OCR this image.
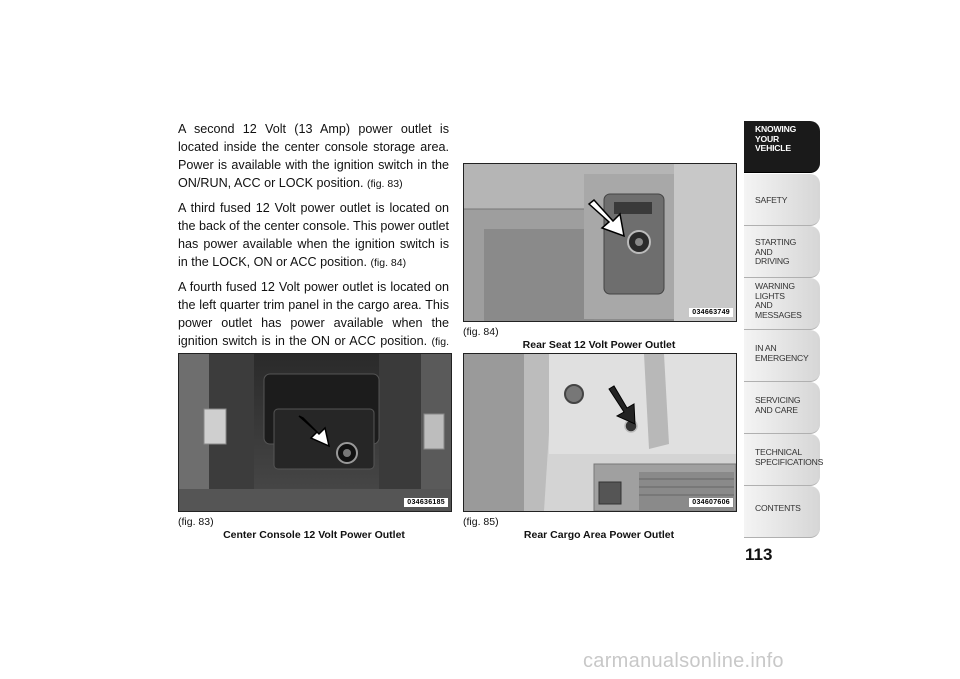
A second 12 Volt (13 Amp) power outlet is located inside the center console storage area. Power is available with the ignition switch in the ON/RUN, ACC or LOCK position. (fig. 83)

A third fused 12 Volt power outlet is located on the back of the center console. This power outlet has power available when the ignition switch is in the LOCK, ON or ACC position. (fig. 84)

A fourth fused 12 Volt power outlet is located on the left quarter trim panel in the cargo area. This power outlet has power available when the ignition switch is in the ON or ACC position. (fig.

034636185
(fig. 83)
Center Console 12 Volt Power Outlet
034663749
(fig. 84)
Rear Seat 12 Volt Power Outlet
034607606
(fig. 85)
Rear Cargo Area Power Outlet
KNOWING
YOUR
VEHICLE
SAFETY
STARTING
AND
DRIVING
WARNING
LIGHTS
AND
MESSAGES
IN AN
EMERGENCY
SERVICING
AND CARE
TECHNICAL
SPECIFICATIONS
CONTENTS
113
carmanualsonline.info
